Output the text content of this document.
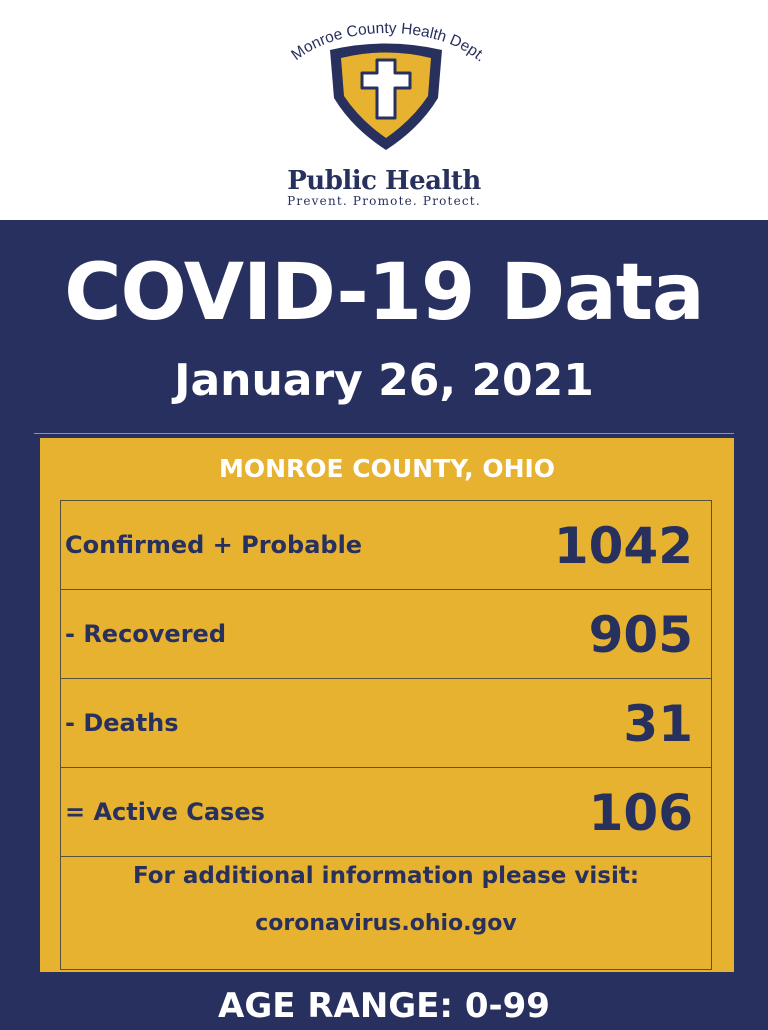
Monroe County Health Dept.
Public Health
Prevent. Promote. Protect.
COVID-19 Data
January 26, 2021
MONROE COUNTY, OHIO
Confirmed + Probable	1042
- Recovered	905
- Deaths	31
= Active Cases	106
For additional information please visit:
coronavirus.ohio.gov
AGE RANGE: 0-99
